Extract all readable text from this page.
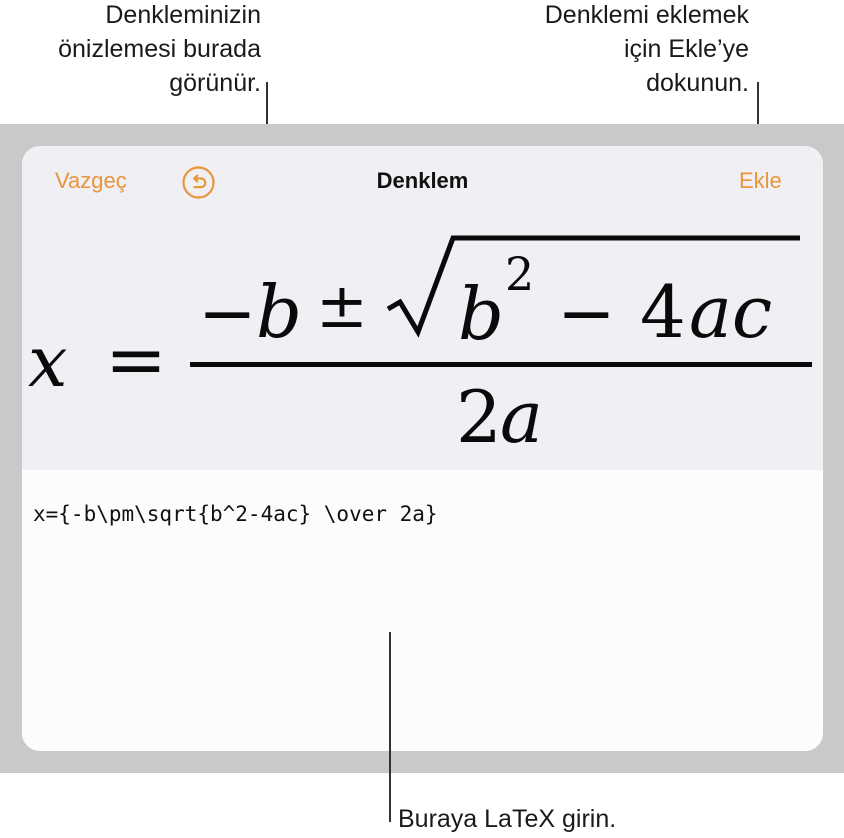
Denkleminizin
önizlemesi burada
görünür.
Denklemi eklemek
için Ekle’ye
dokunun.
Vazgeç	Denklem	Ekle
x =
− b ± b 2 − 4 ac
2
a
x={-b\pm\sqrt{b^2-4ac} \over 2a}
Buraya LaTeX girin.
